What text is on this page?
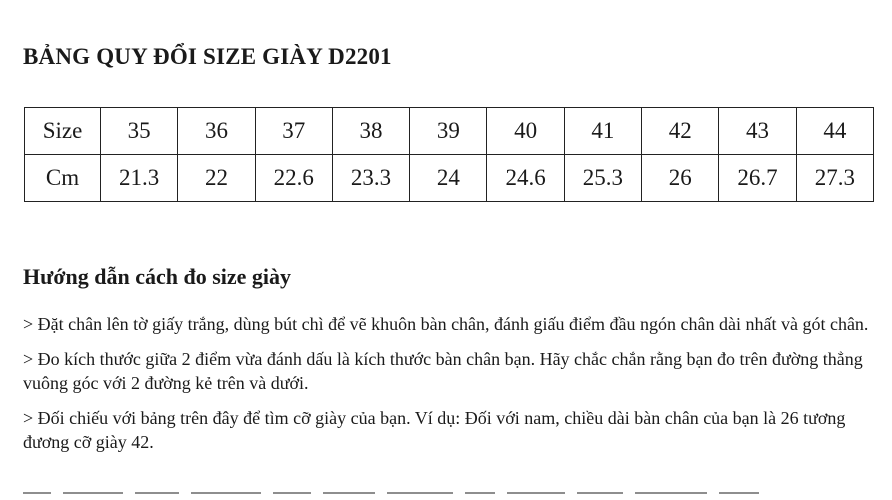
BẢNG QUY ĐỔI SIZE GIÀY D2201
Size	35	36	37	38	39	40	41	42	43	44
Cm	21.3	22	22.6	23.3	24	24.6	25.3	26	26.7	27.3
Hướng dẫn cách đo size giày
> Đặt chân lên tờ giấy trắng, dùng bút chì để vẽ khuôn bàn chân, đánh giấu điểm đầu ngón chân dài nhất và gót chân.
> Đo kích thước giữa 2 điểm vừa đánh dấu là kích thước bàn chân bạn. Hãy chắc chắn rằng bạn đo trên đường thẳng vuông góc với 2 đường kẻ trên và dưới.
> Đối chiếu với bảng trên đây để tìm cỡ giày của bạn. Ví dụ: Đối với nam, chiều dài bàn chân của bạn là 26 tương đương cỡ giày 42.
